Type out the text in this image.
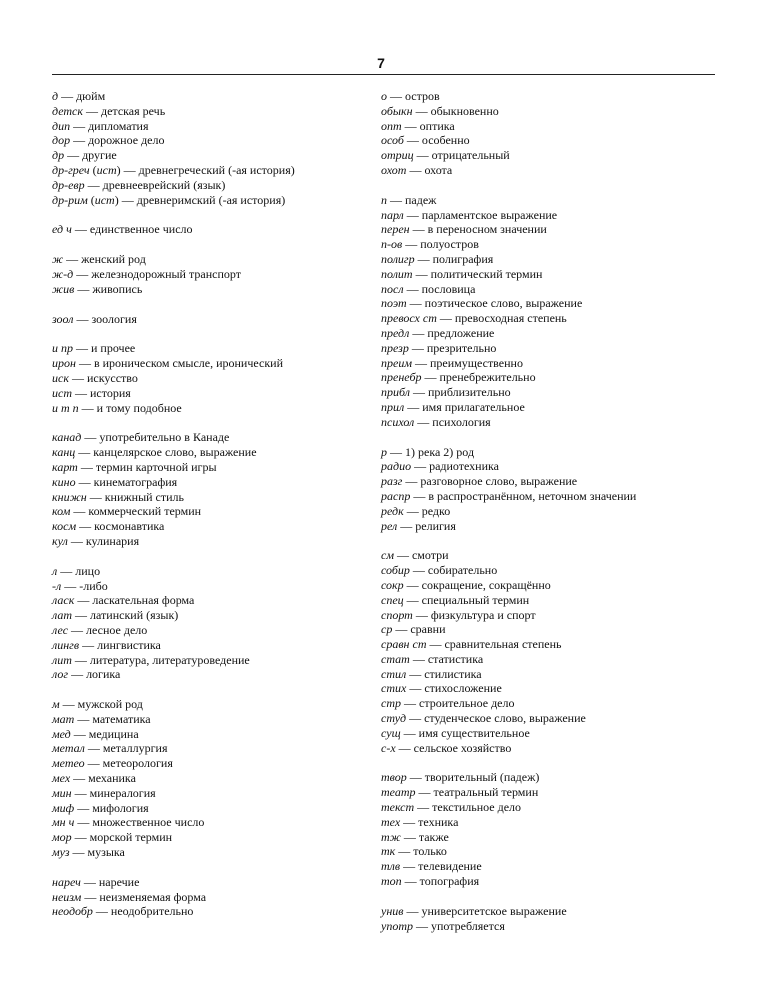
7
д — дюйм
детск — детская речь
дип — дипломатия
дор — дорожное дело
др — другие
др-греч (ист) — древнегреческий (-ая история)
др-евр — древнееврейский (язык)
др-рим (ист) — древнеримский (-ая история)
ед ч — единственное число
ж — женский род
ж-д — железнодорожный транспорт
жив — живопись
зоол — зоология
и пр — и прочее
ирон — в ироническом смысле, иронический
иск — искусство
ист — история
и т п — и тому подобное
канад — употребительно в Канаде
канц — канцелярское слово, выражение
карт — термин карточной игры
кино — кинематография
книжн — книжный стиль
ком — коммерческий термин
косм — космонавтика
кул — кулинария
л — лицо
-л — -либо
ласк — ласкательная форма
лат — латинский (язык)
лес — лесное дело
лингв — лингвистика
лит — литература, литературоведение
лог — логика
м — мужской род
мат — математика
мед — медицина
метал — металлургия
метео — метеорология
мех — механика
мин — минералогия
миф — мифология
мн ч — множественное число
мор — морской термин
муз — музыка
нареч — наречие
неизм — неизменяемая форма
неодобр — неодобрительно
о — остров
обыкн — обыкновенно
опт — оптика
особ — особенно
отриц — отрицательный
охот — охота
п — падеж
парл — парламентское выражение
перен — в переносном значении
п-ов — полуостров
полигр — полиграфия
полит — политический термин
посл — пословица
поэт — поэтическое слово, выражение
превосх ст — превосходная степень
предл — предложение
презр — презрительно
преим — преимущественно
пренебр — пренебрежительно
прибл — приблизительно
прил — имя прилагательное
психол — психология
р — 1) река 2) род
радио — радиотехника
разг — разговорное слово, выражение
распр — в распространённом, неточном значении
редк — редко
рел — религия
см — смотри
собир — собирательно
сокр — сокращение, сокращённо
спец — специальный термин
спорт — физкультура и спорт
ср — сравни
сравн ст — сравнительная степень
стат — статистика
стил — стилистика
стих — стихосложение
стр — строительное дело
студ — студенческое слово, выражение
сущ — имя существительное
с-х — сельское хозяйство
твор — творительный (падеж)
театр — театральный термин
текст — текстильное дело
тех — техника
тж — также
тк — только
тлв — телевидение
топ — топография
унив — университетское выражение
употр — употребляется
